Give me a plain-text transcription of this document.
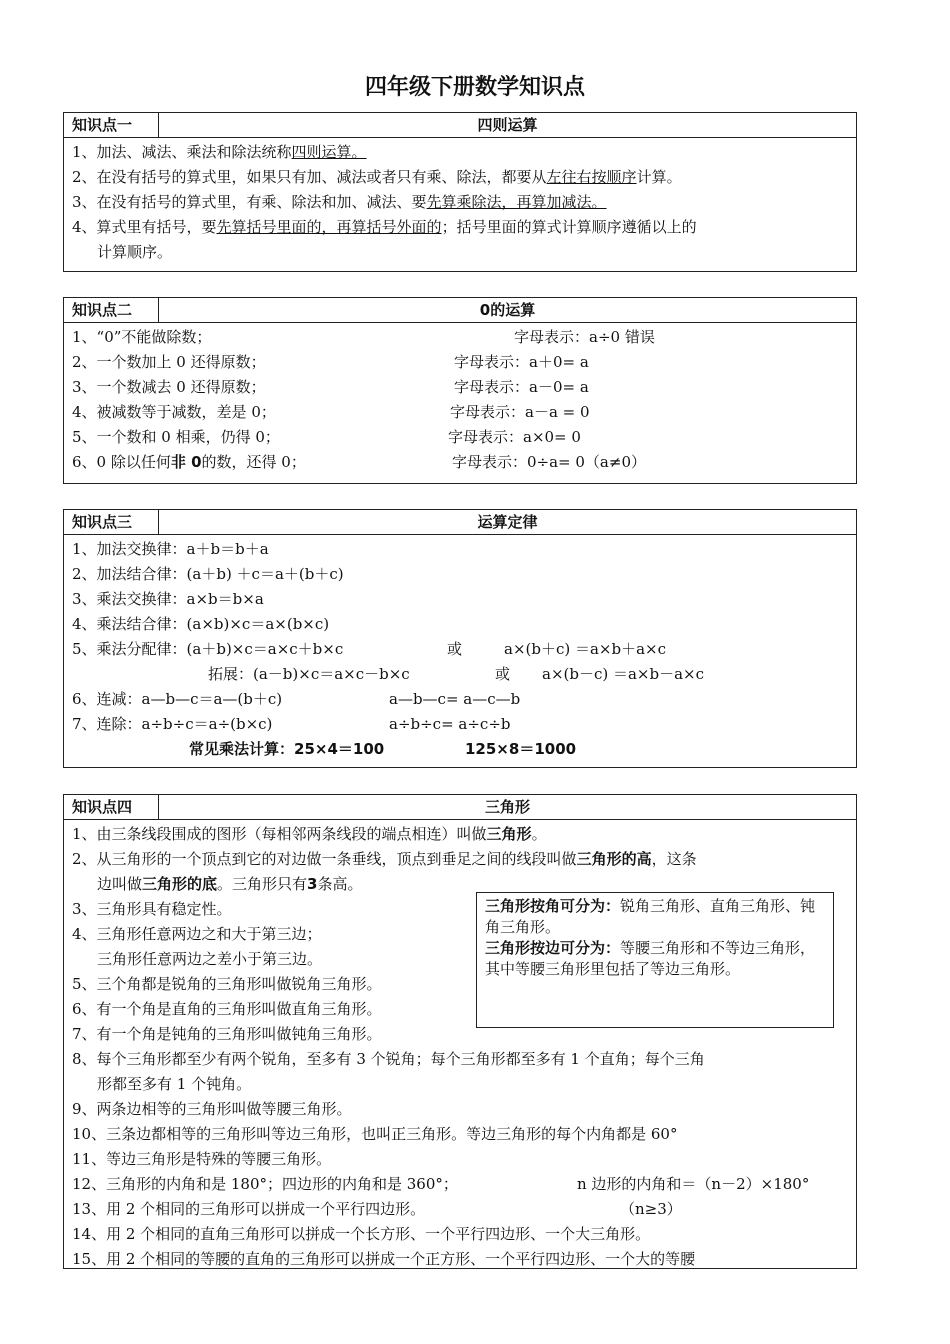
四年级下册数学知识点
知识点一	四则运算
1、加法、减法、乘法和除法统称四则运算。
2、在没有括号的算式里，如果只有加、减法或者只有乘、除法，都要从左往右按顺序计算。
3、在没有括号的算式里，有乘、除法和加、减法、要先算乘除法，再算加减法。
4、算式里有括号，要先算括号里面的，再算括号外面的；括号里面的算式计算顺序遵循以上的
计算顺序。
知识点二	0的运算
1、“0”不能做除数；	字母表示：a÷0 错误
2、一个数加上 0 还得原数；	字母表示：a＋0= a
3、一个数减去 0 还得原数；	字母表示：a－0= a
4、被减数等于减数，差是 0；	字母表示：a－a = 0
5、一个数和 0 相乘，仍得 0；	字母表示：a×0= 0
6、0 除以任何非 0的数，还得 0；	字母表示：0÷a= 0（a≠0）
知识点三	运算定律
1、加法交换律：a＋b＝b＋a
2、加法结合律：(a＋b) ＋c＝a＋(b＋c)
3、乘法交换律：a×b＝b×a
4、乘法结合律：(a×b)×c＝a×(b×c)
5、乘法分配律：(a＋b)×c＝a×c＋b×c	或	a×(b＋c) ＝a×b＋a×c
拓展：(a－b)×c＝a×c－b×c	或 a×(b－c) ＝a×b－a×c
6、连减：a—b—c＝a—(b＋c)	a—b—c= a—c—b
7、连除：a÷b÷c＝a÷(b×c)	a÷b÷c= a÷c÷b
常见乘法计算：25×4＝100	125×8＝1000
知识点四	三角形
1、由三条线段围成的图形（每相邻两条线段的端点相连）叫做三角形。
2、从三角形的一个顶点到它的对边做一条垂线，顶点到垂足之间的线段叫做三角形的高，这条
边叫做三角形的底。三角形只有3条高。
3、三角形具有稳定性。
4、三角形任意两边之和大于第三边；
三角形任意两边之差小于第三边。
5、三个角都是锐角的三角形叫做锐角三角形。
6、有一个角是直角的三角形叫做直角三角形。
7、有一个角是钝角的三角形叫做钝角三角形。
8、每个三角形都至少有两个锐角，至多有 3 个锐角；每个三角形都至多有 1 个直角；每个三角
形都至多有 1 个钝角。
9、两条边相等的三角形叫做等腰三角形。
10、三条边都相等的三角形叫等边三角形，也叫正三角形。等边三角形的每个内角都是 60°
11、等边三角形是特殊的等腰三角形。
12、三角形的内角和是 180°；四边形的内角和是 360°；	n 边形的内角和＝（n－2）×180°
13、用 2 个相同的三角形可以拼成一个平行四边形。	（n≥3）
14、用 2 个相同的直角三角形可以拼成一个长方形、一个平行四边形、一个大三角形。
15、用 2 个相同的等腰的直角的三角形可以拼成一个正方形、一个平行四边形、一个大的等腰
三角形按角可分为：锐角三角形、直角三角形、钝角三角形。
三角形按边可分为：等腰三角形和不等边三角形，其中等腰三角形里包括了等边三角形。
